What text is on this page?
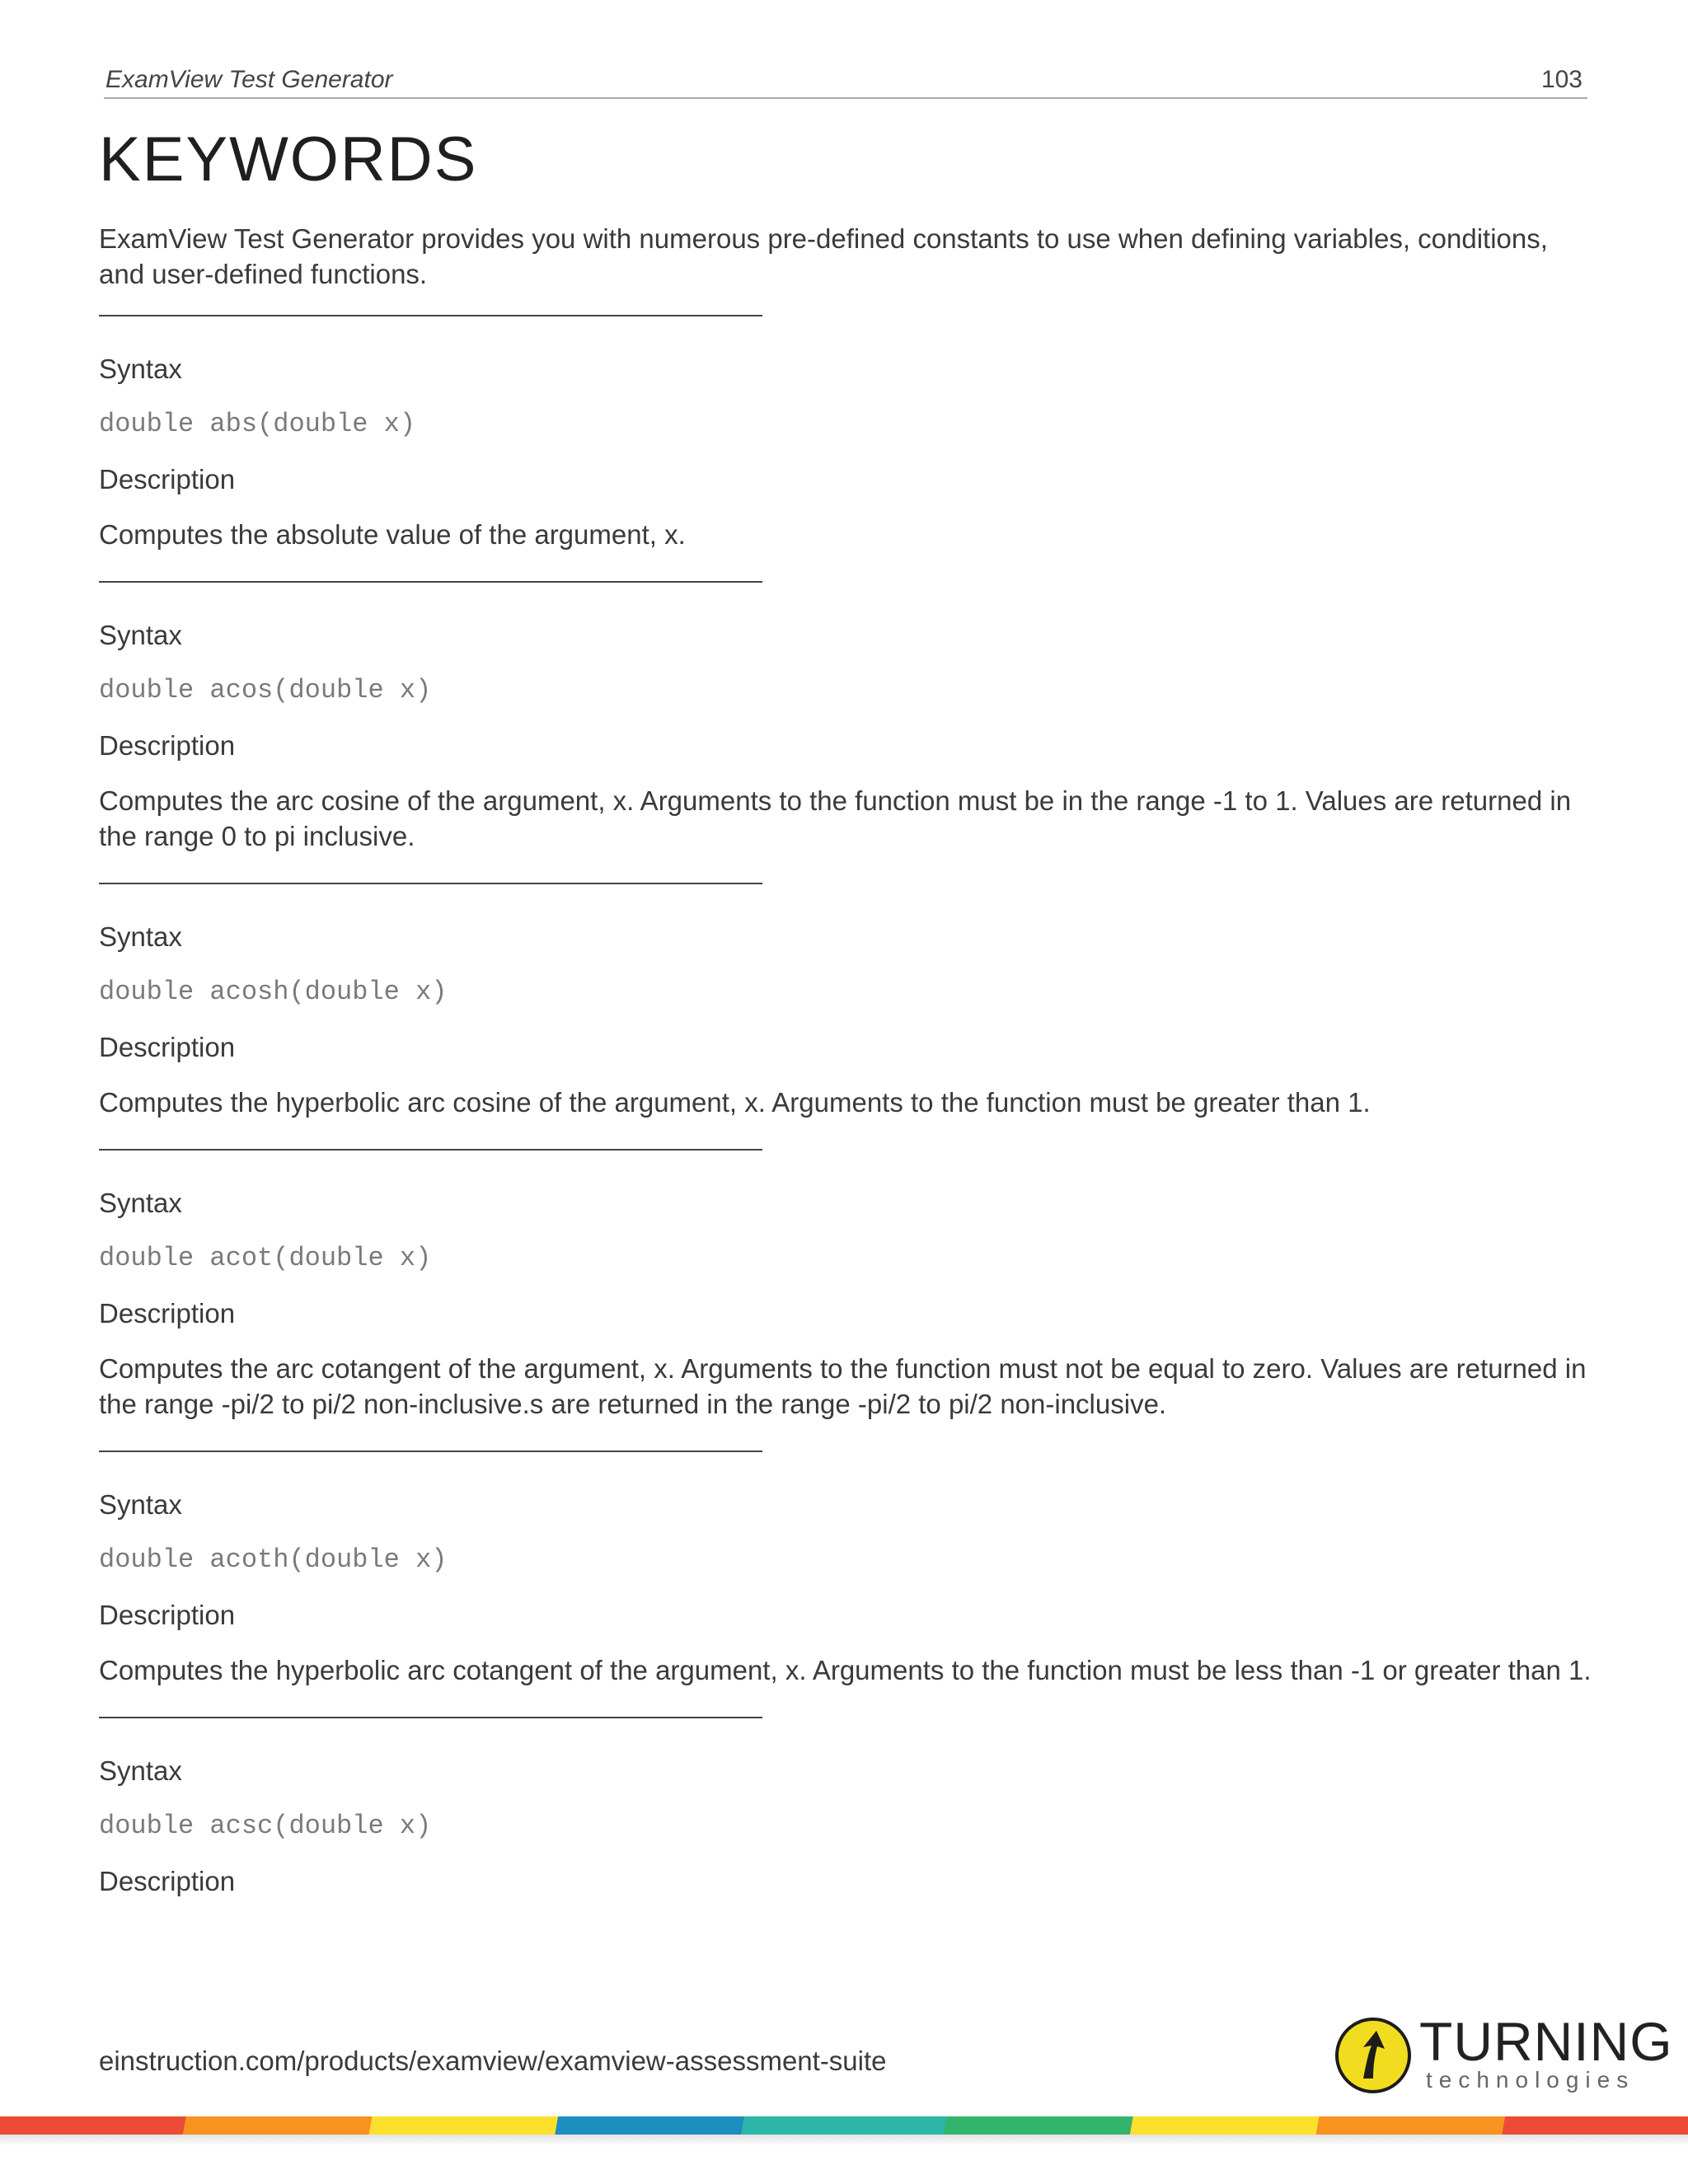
ExamView Test Generator	103
KEYWORDS

ExamView Test Generator provides you with numerous pre-defined constants to use when defining variables, conditions, and user-defined functions.

Syntax

double abs(double x)

Description

Computes the absolute value of the argument, x.

Syntax

double acos(double x)

Description

Computes the arc cosine of the argument, x. Arguments to the function must be in the range -1 to 1. Values are returned in the range 0 to pi inclusive.

Syntax

double acosh(double x)

Description

Computes the hyperbolic arc cosine of the argument, x. Arguments to the function must be greater than 1.

Syntax

double acot(double x)

Description

Computes the arc cotangent of the argument, x. Arguments to the function must not be equal to zero. Values are returned in the range -pi/2 to pi/2 non-inclusive.s are returned in the range -pi/2 to pi/2 non-inclusive.

Syntax

double acoth(double x)

Description

Computes the hyperbolic arc cotangent of the argument, x. Arguments to the function must be less than -1 or greater than 1.

Syntax

double acsc(double x)

Description

einstruction.com/products/examview/examview-assessment-suite	TURNING
technologies
